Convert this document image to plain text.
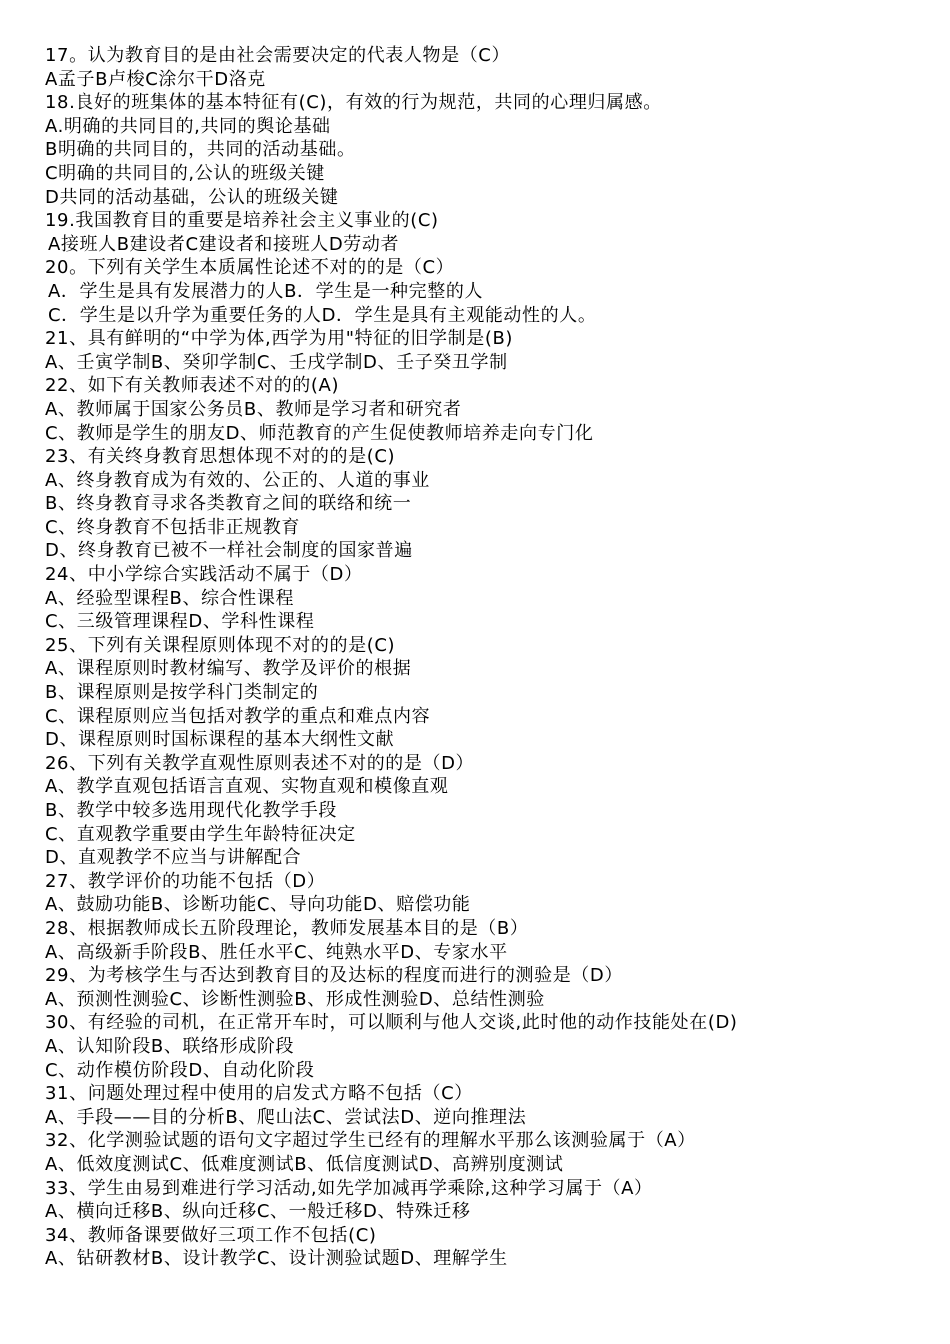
17。认为教育目的是由社会需要决定的代表人物是（C）
A孟子B卢梭C涂尔干D洛克
18.良好的班集体的基本特征有(C)，有效的行为规范，共同的心理归属感。
A.明确的共同目的,共同的舆论基础
B明确的共同目的，共同的活动基础。
C明确的共同目的,公认的班级关键
D共同的活动基础，公认的班级关键
19.我国教育目的重要是培养社会主义事业的(C)
A接班人B建设者C建设者和接班人D劳动者
20。下列有关学生本质属性论述不对的的是（C）
A．学生是具有发展潜力的人B．学生是一种完整的人
C．学生是以升学为重要任务的人D．学生是具有主观能动性的人。
21、具有鲜明的“中学为体,西学为用"特征的旧学制是(B)
A、壬寅学制B、癸卯学制C、壬戌学制D、壬子癸丑学制
22、如下有关教师表述不对的的(A)
A、教师属于国家公务员B、教师是学习者和研究者
C、教师是学生的朋友D、师范教育的产生促使教师培养走向专门化
23、有关终身教育思想体现不对的的是(C)
A、终身教育成为有效的、公正的、人道的事业
B、终身教育寻求各类教育之间的联络和统一
C、终身教育不包括非正规教育
D、终身教育已被不一样社会制度的国家普遍
24、中小学综合实践活动不属于（D）
A、经验型课程B、综合性课程
C、三级管理课程D、学科性课程
25、下列有关课程原则体现不对的的是(C)
A、课程原则时教材编写、教学及评价的根据
B、课程原则是按学科门类制定的
C、课程原则应当包括对教学的重点和难点内容
D、课程原则时国标课程的基本大纲性文献
26、下列有关教学直观性原则表述不对的的是（D）
A、教学直观包括语言直观、实物直观和模像直观
B、教学中较多选用现代化教学手段
C、直观教学重要由学生年龄特征决定
D、直观教学不应当与讲解配合
27、教学评价的功能不包括（D）
A、鼓励功能B、诊断功能C、导向功能D、赔偿功能
28、根据教师成长五阶段理论，教师发展基本目的是（B）
A、高级新手阶段B、胜任水平C、纯熟水平D、专家水平
29、为考核学生与否达到教育目的及达标的程度而进行的测验是（D）
A、预测性测验C、诊断性测验B、形成性测验D、总结性测验
30、有经验的司机，在正常开车时，可以顺利与他人交谈,此时他的动作技能处在(D)
A、认知阶段B、联络形成阶段
C、动作模仿阶段D、自动化阶段
31、问题处理过程中使用的启发式方略不包括（C）
A、手段——目的分析B、爬山法C、尝试法D、逆向推理法
32、化学测验试题的语句文字超过学生已经有的理解水平那么该测验属于（A）
A、低效度测试C、低难度测试B、低信度测试D、高辨别度测试
33、学生由易到难进行学习活动,如先学加减再学乘除,这种学习属于（A）
A、横向迁移B、纵向迁移C、一般迁移D、特殊迁移
34、教师备课要做好三项工作不包括(C)
A、钻研教材B、设计教学C、设计测验试题D、理解学生
